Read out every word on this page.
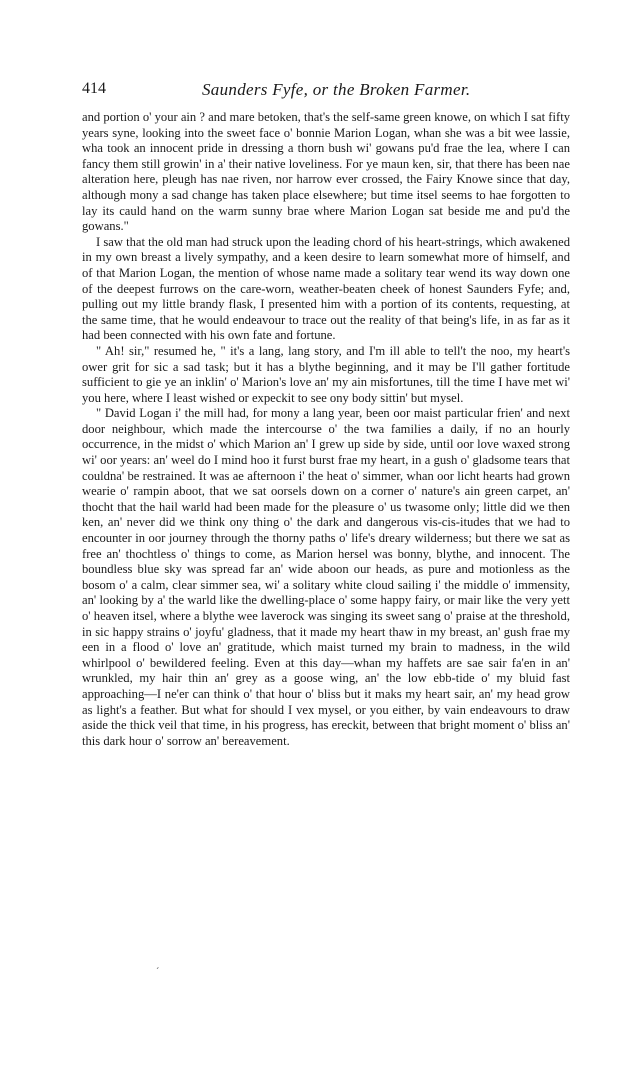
414	Saunders Fyfe, or the Broken Farmer.

and portion o' your ain ? and mare betoken, that's the self-same green knowe, on which I sat fifty years syne, looking into the sweet face o' bonnie Marion Logan, whan she was a bit wee lassie, wha took an innocent pride in dressing a thorn bush wi' gowans pu'd frae the lea, where I can fancy them still growin' in a' their native loveliness. For ye maun ken, sir, that there has been nae alteration here, pleugh has nae riven, nor harrow ever crossed, the Fairy Knowe since that day, although mony a sad change has taken place elsewhere; but time itsel seems to hae forgotten to lay its cauld hand on the warm sunny brae where Marion Logan sat beside me and pu'd the gowans."

I saw that the old man had struck upon the leading chord of his heart-strings, which awakened in my own breast a lively sympathy, and a keen desire to learn somewhat more of himself, and of that Marion Logan, the mention of whose name made a solitary tear wend its way down one of the deepest furrows on the care-worn, weather-beaten cheek of honest Saunders Fyfe; and, pulling out my little brandy flask, I presented him with a portion of its contents, requesting, at the same time, that he would endeavour to trace out the reality of that being's life, in as far as it had been connected with his own fate and fortune.

" Ah! sir," resumed he, " it's a lang, lang story, and I'm ill able to tell't the noo, my heart's ower grit for sic a sad task; but it has a blythe beginning, and it may be I'll gather fortitude sufficient to gie ye an inklin' o' Marion's love an' my ain misfortunes, till the time I have met wi' you here, where I least wished or expeckit to see ony body sittin' but mysel.

" David Logan i' the mill had, for mony a lang year, been oor maist particular frien' and next door neighbour, which made the intercourse o' the twa families a daily, if no an hourly occurrence, in the midst o' which Marion an' I grew up side by side, until oor love waxed strong wi' oor years: an' weel do I mind hoo it furst burst frae my heart, in a gush o' gladsome tears that couldna' be restrained. It was ae afternoon i' the heat o' simmer, whan oor licht hearts had grown wearie o' rampin aboot, that we sat oorsels down on a corner o' nature's ain green carpet, an' thocht that the hail warld had been made for the pleasure o' us twasome only; little did we then ken, an' never did we think ony thing o' the dark and dangerous vis-cis-itudes that we had to encounter in oor journey through the thorny paths o' life's dreary wilderness; but there we sat as free an' thochtless o' things to come, as Marion hersel was bonny, blythe, and innocent. The boundless blue sky was spread far an' wide aboon our heads, as pure and motionless as the bosom o' a calm, clear simmer sea, wi' a solitary white cloud sailing i' the middle o' immensity, an' looking by a' the warld like the dwelling-place o' some happy fairy, or mair like the very yett o' heaven itsel, where a blythe wee laverock was singing its sweet sang o' praise at the threshold, in sic happy strains o' joyfu' gladness, that it made my heart thaw in my breast, an' gush frae my een in a flood o' love an' gratitude, which maist turned my brain to madness, in the wild whirlpool o' bewildered feeling. Even at this day—whan my haffets are sae sair fa'en in an' wrunkled, my hair thin an' grey as a goose wing, an' the low ebb-tide o' my bluid fast approaching—I ne'er can think o' that hour o' bliss but it maks my heart sair, an' my head grow as light's a feather. But what for should I vex mysel, or you either, by vain endeavours to draw aside the thick veil that time, in his progress, has ereckit, between that bright moment o' bliss an' this dark hour o' sorrow an' bereavement.

´
